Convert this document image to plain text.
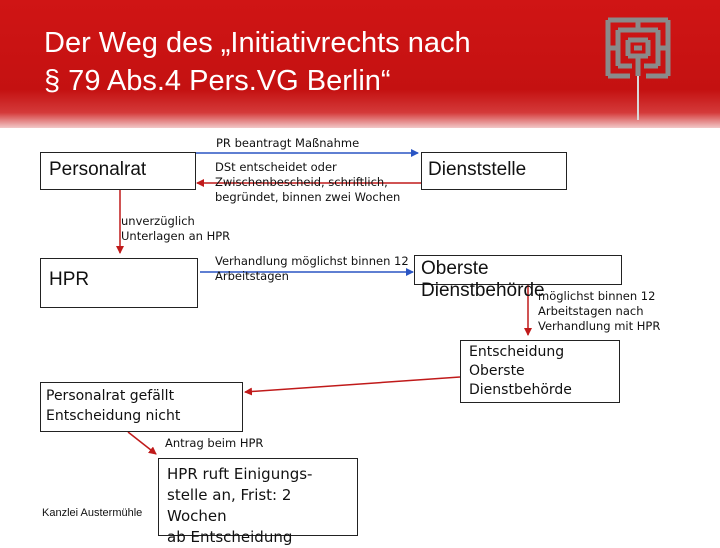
Der Weg des „Initiativrechts nach
§ 79 Abs.4 Pers.VG Berlin“
Personalrat	Dienststelle
HPR
Oberste Dienstbehörde
Entscheidung
Oberste
Dienstbehörde
Personalrat gefällt
Entscheidung nicht
HPR ruft Einigungs-
stelle an, Frist: 2 Wochen
ab Entscheidung
PR beantragt Maßnahme
DSt entscheidet oder
Zwischenbescheid, schriftlich,
begründet, binnen zwei Wochen
unverzüglich
Unterlagen an HPR
Verhandlung möglichst binnen 12
Arbeitstagen
möglichst binnen 12
Arbeitstagen nach
Verhandlung mit HPR
Antrag beim HPR
Kanzlei Austermühle
